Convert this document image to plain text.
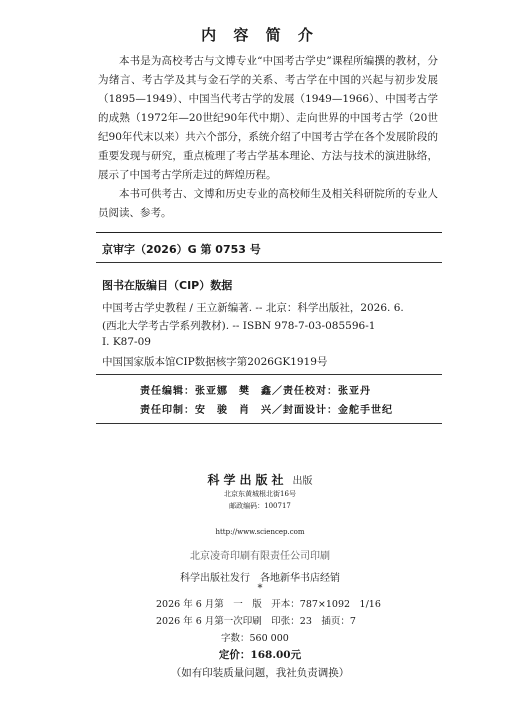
内 容 简 介

本书是为高校考古与文博专业“中国考古学史”课程所编撰的教材，分为绪言、考古学及其与金石学的关系、考古学在中国的兴起与初步发展（1895—1949）、中国当代考古学的发展（1949—1966）、中国考古学的成熟（1972年—20世纪90年代中期）、走向世界的中国考古学（20世纪90年代末以来）共六个部分，系统介绍了中国考古学在各个发展阶段的重要发现与研究，重点梳理了考古学基本理论、方法与技术的演进脉络，展示了中国考古学所走过的辉煌历程。

本书可供考古、文博和历史专业的高校师生及相关科研院所的专业人员阅读、参考。

京审字（2026）G 第 0753 号
图书在版编目（CIP）数据
中国考古学史教程 / 王立新编著. -- 北京：科学出版社，2026. 6.
(西北大学考古学系列教材). -- ISBN 978-7-03-085596-1
Ⅰ. K87-09
中国国家版本馆CIP数据核字第2026GK1919号
责任编辑：张亚娜　樊　鑫／责任校对：张亚丹
责任印制：安　骏　肖　兴／封面设计：金舵手世纪
科学出版社 出版
北京东黄城根北街16号
邮政编码：100717
http://www.sciencep.com
北京凌奇印刷有限责任公司印刷
科学出版社发行　各地新华书店经销
*
2026 年 6 月第　一　版　开本：787×1092　1/16
2026 年 6 月第一次印刷　印张：23　插页：7
字数：560 000
定价：168.00元
（如有印装质量问题，我社负责调换）
